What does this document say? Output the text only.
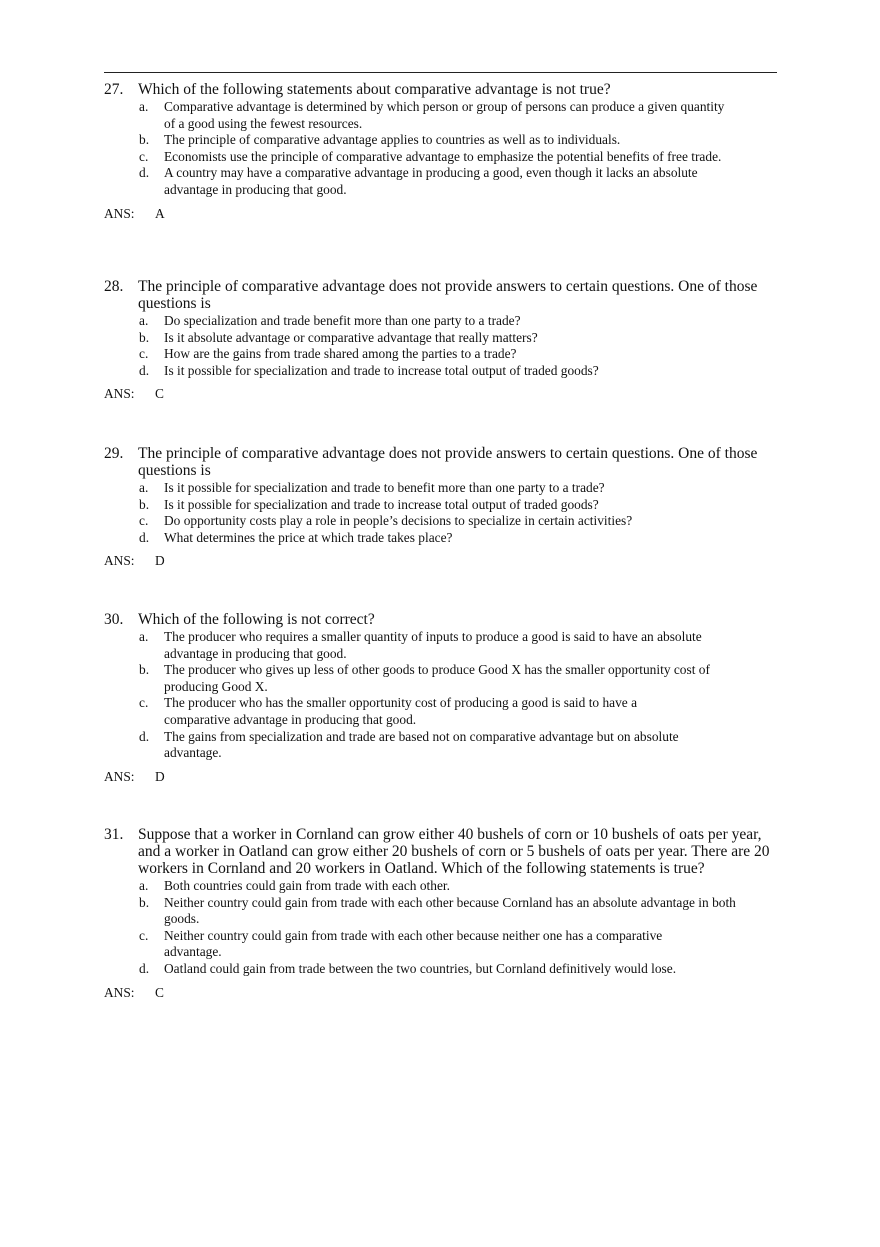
27. Which of the following statements about comparative advantage is not true?
a. Comparative advantage is determined by which person or group of persons can produce a given quantity of a good using the fewest resources.
b. The principle of comparative advantage applies to countries as well as to individuals.
c. Economists use the principle of comparative advantage to emphasize the potential benefits of free trade.
d. A country may have a comparative advantage in producing a good, even though it lacks an absolute advantage in producing that good.
ANS: A
28. The principle of comparative advantage does not provide answers to certain questions. One of those questions is
a. Do specialization and trade benefit more than one party to a trade?
b. Is it absolute advantage or comparative advantage that really matters?
c. How are the gains from trade shared among the parties to a trade?
d. Is it possible for specialization and trade to increase total output of traded goods?
ANS: C
29. The principle of comparative advantage does not provide answers to certain questions. One of those questions is
a. Is it possible for specialization and trade to benefit more than one party to a trade?
b. Is it possible for specialization and trade to increase total output of traded goods?
c. Do opportunity costs play a role in people’s decisions to specialize in certain activities?
d. What determines the price at which trade takes place?
ANS: D
30. Which of the following is not correct?
a. The producer who requires a smaller quantity of inputs to produce a good is said to have an absolute advantage in producing that good.
b. The producer who gives up less of other goods to produce Good X has the smaller opportunity cost of producing Good X.
c. The producer who has the smaller opportunity cost of producing a good is said to have a comparative advantage in producing that good.
d. The gains from specialization and trade are based not on comparative advantage but on absolute advantage.
ANS: D
31. Suppose that a worker in Cornland can grow either 40 bushels of corn or 10 bushels of oats per year, and a worker in Oatland can grow either 20 bushels of corn or 5 bushels of oats per year. There are 20 workers in Cornland and 20 workers in Oatland. Which of the following statements is true?
a. Both countries could gain from trade with each other.
b. Neither country could gain from trade with each other because Cornland has an absolute advantage in both goods.
c. Neither country could gain from trade with each other because neither one has a comparative advantage.
d. Oatland could gain from trade between the two countries, but Cornland definitively would lose.
ANS: C
